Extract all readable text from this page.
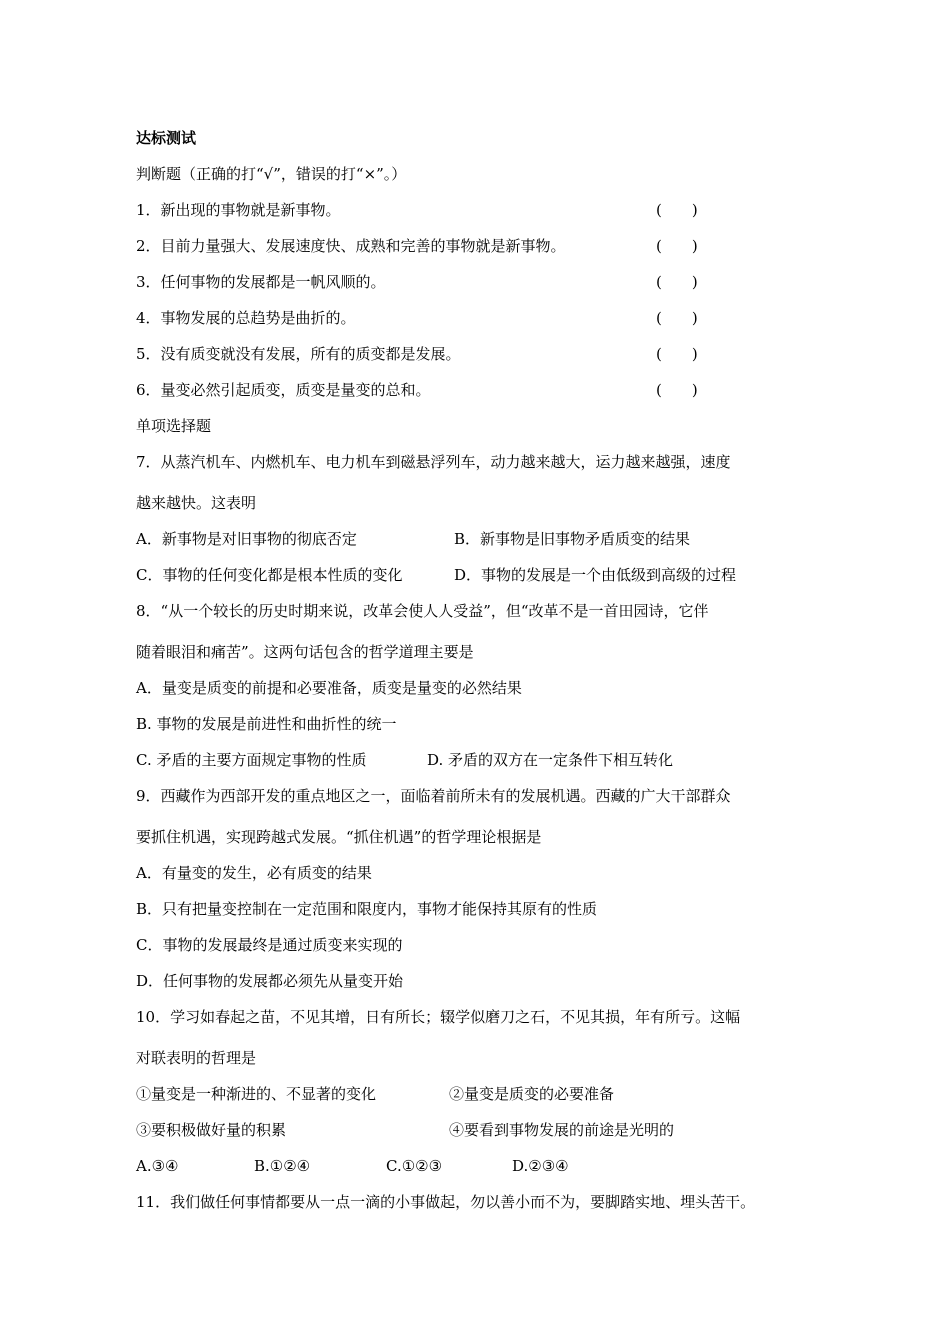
达标测试
判断题（正确的打“√”，错误的打“×”。）
1．新出现的事物就是新事物。	(　　)
2．目前力量强大、发展速度快、成熟和完善的事物就是新事物。	(　　)
3．任何事物的发展都是一帆风顺的。	(　　)
4．事物发展的总趋势是曲折的。	(　　)
5．没有质变就没有发展，所有的质变都是发展。	(　　)
6．量变必然引起质变，质变是量变的总和。	(　　)
单项选择题
7．从蒸汽机车、内燃机车、电力机车到磁悬浮列车，动力越来越大，运力越来越强，速度
越来越快。这表明
A．新事物是对旧事物的彻底否定	B．新事物是旧事物矛盾质变的结果
C．事物的任何变化都是根本性质的变化	D．事物的发展是一个由低级到高级的过程
8．“从一个较长的历史时期来说，改革会使人人受益”，但“改革不是一首田园诗，它伴
随着眼泪和痛苦”。这两句话包含的哲学道理主要是
A．量变是质变的前提和必要准备，质变是量变的必然结果
B. 事物的发展是前进性和曲折性的统一
C. 矛盾的主要方面规定事物的性质	D. 矛盾的双方在一定条件下相互转化
9．西藏作为西部开发的重点地区之一，面临着前所未有的发展机遇。西藏的广大干部群众
要抓住机遇，实现跨越式发展。“抓住机遇”的哲学理论根据是
A．有量变的发生，必有质变的结果
B．只有把量变控制在一定范围和限度内，事物才能保持其原有的性质
C．事物的发展最终是通过质变来实现的
D．任何事物的发展都必须先从量变开始
10．学习如春起之苗，不见其增，日有所长；辍学似磨刀之石，不见其损，年有所亏。这幅
对联表明的哲理是
①量变是一种渐进的、不显著的变化	②量变是质变的必要准备
③要积极做好量的积累	④要看到事物发展的前途是光明的
A.③④	B.①②④	C.①②③	D.②③④
11．我们做任何事情都要从一点一滴的小事做起，勿以善小而不为，要脚踏实地、埋头苦干。
